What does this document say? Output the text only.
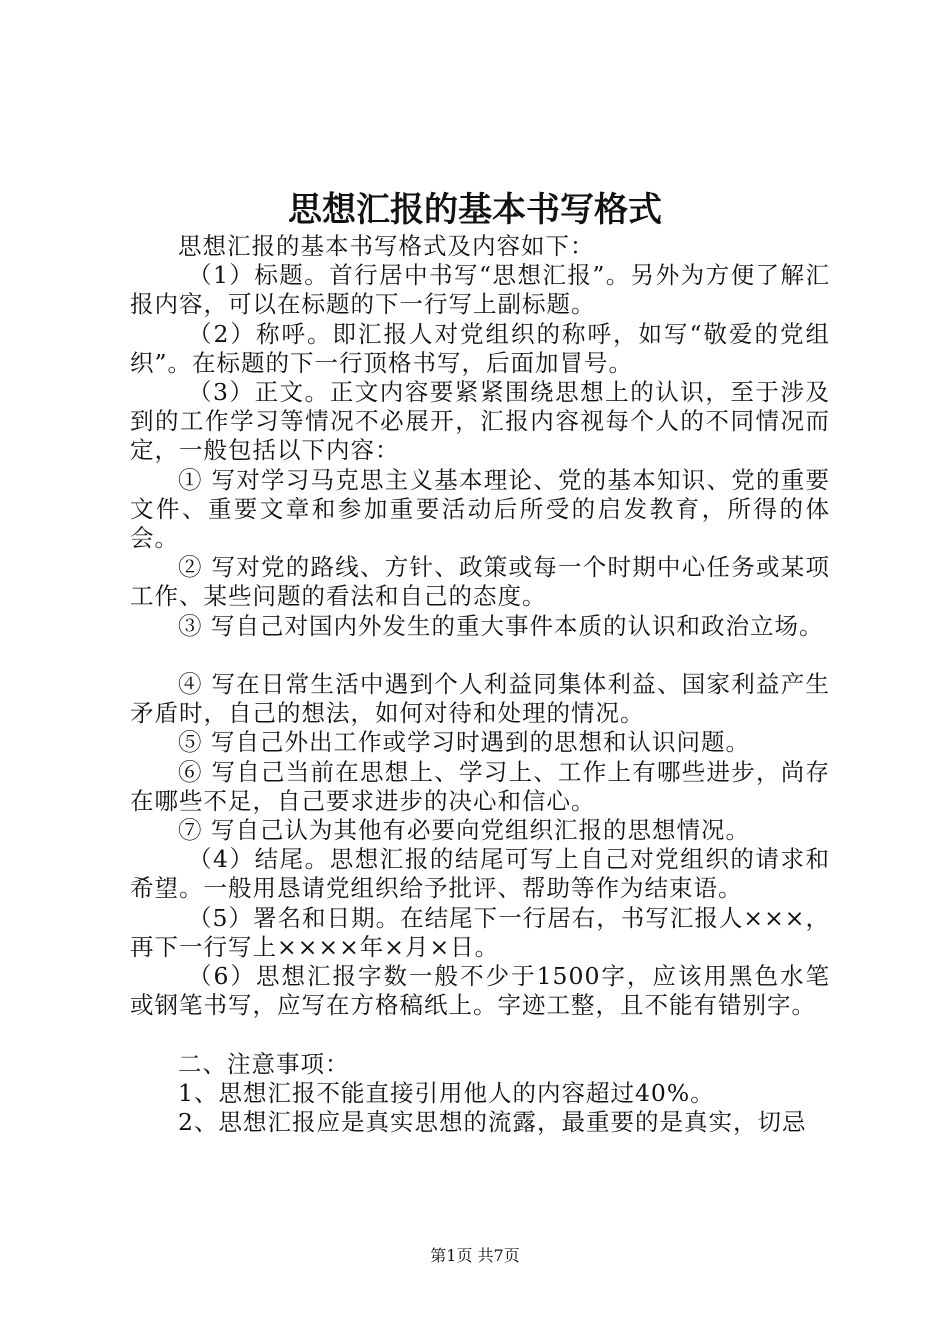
思想汇报的基本书写格式

思想汇报的基本书写格式及内容如下：

（1）标题。首行居中书写“思想汇报”。另外为方便了解汇报内容，可以在标题的下一行写上副标题。

（2）称呼。即汇报人对党组织的称呼，如写“敬爱的党组织”。在标题的下一行顶格书写，后面加冒号。

（3）正文。正文内容要紧紧围绕思想上的认识，至于涉及到的工作学习等情况不必展开，汇报内容视每个人的不同情况而定，一般包括以下内容：

① 写对学习马克思主义基本理论、党的基本知识、党的重要文件、重要文章和参加重要活动后所受的启发教育，所得的体会。

② 写对党的路线、方针、政策或每一个时期中心任务或某项工作、某些问题的看法和自己的态度。

③ 写自己对国内外发生的重大事件本质的认识和政治立场。

④ 写在日常生活中遇到个人利益同集体利益、国家利益产生矛盾时，自己的想法，如何对待和处理的情况。

⑤ 写自己外出工作或学习时遇到的思想和认识问题。

⑥ 写自己当前在思想上、学习上、工作上有哪些进步，尚存在哪些不足，自己要求进步的决心和信心。

⑦ 写自己认为其他有必要向党组织汇报的思想情况。

（4）结尾。思想汇报的结尾可写上自己对党组织的请求和希望。一般用恳请党组织给予批评、帮助等作为结束语。

（5）署名和日期。在结尾下一行居右，书写汇报人×××，再下一行写上××××年×月×日。

（6）思想汇报字数一般不少于1500字，应该用黑色水笔或钢笔书写，应写在方格稿纸上。字迹工整，且不能有错别字。

二、注意事项：

1、思想汇报不能直接引用他人的内容超过40%。

2、思想汇报应是真实思想的流露，最重要的是真实，切忌

第1页 共7页
